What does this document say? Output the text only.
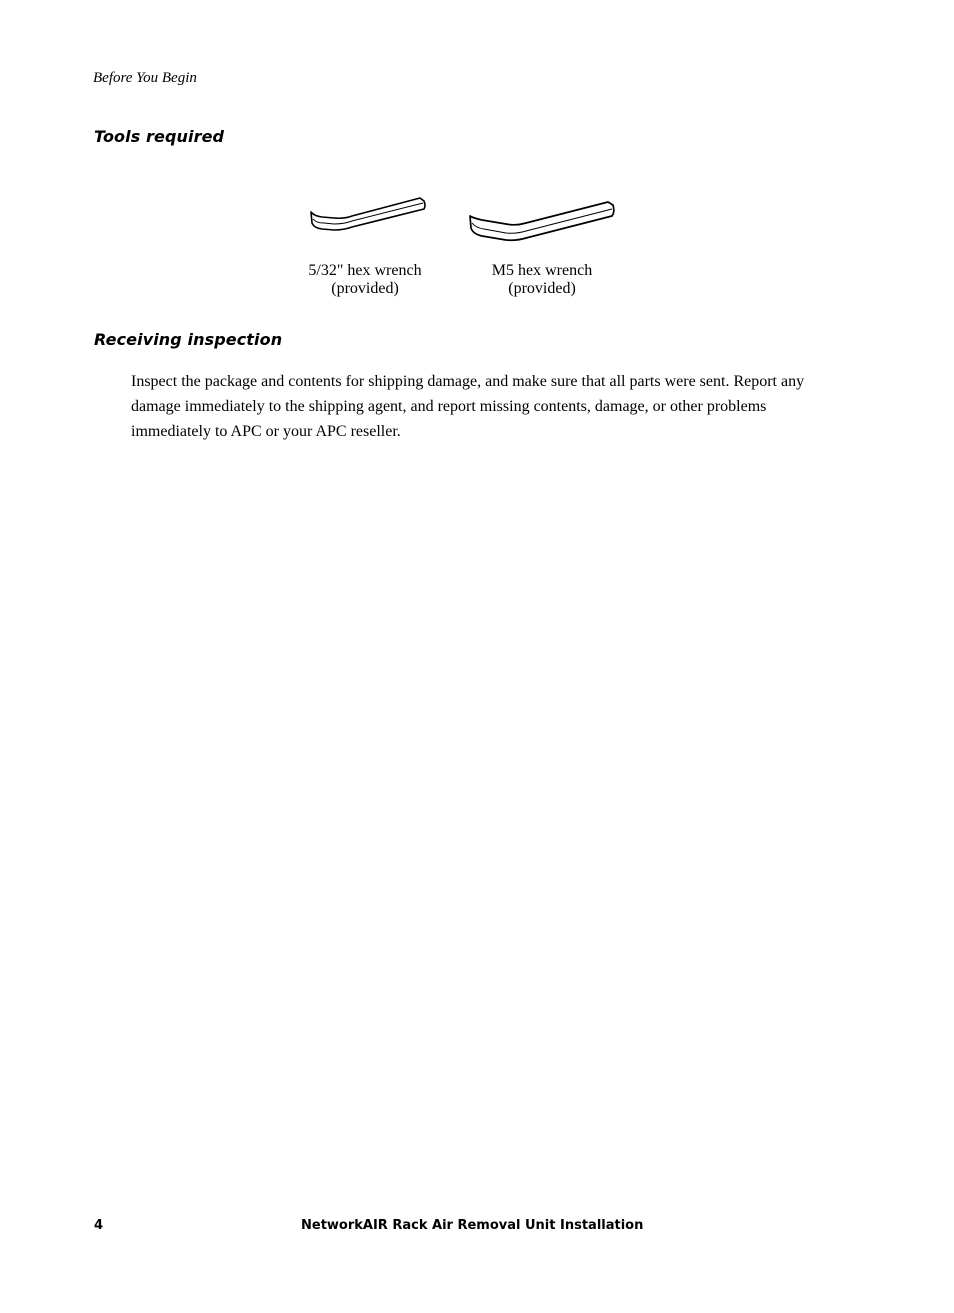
Before You Begin
Tools required
5/32" hex wrench
(provided)
M5 hex wrench
(provided)
Receiving inspection

Inspect the package and contents for shipping damage, and make sure that all parts were sent. Report any damage immediately to the shipping agent, and report missing contents, damage, or other problems immediately to APC or your APC reseller.

4	NetworkAIR Rack Air Removal Unit Installation
